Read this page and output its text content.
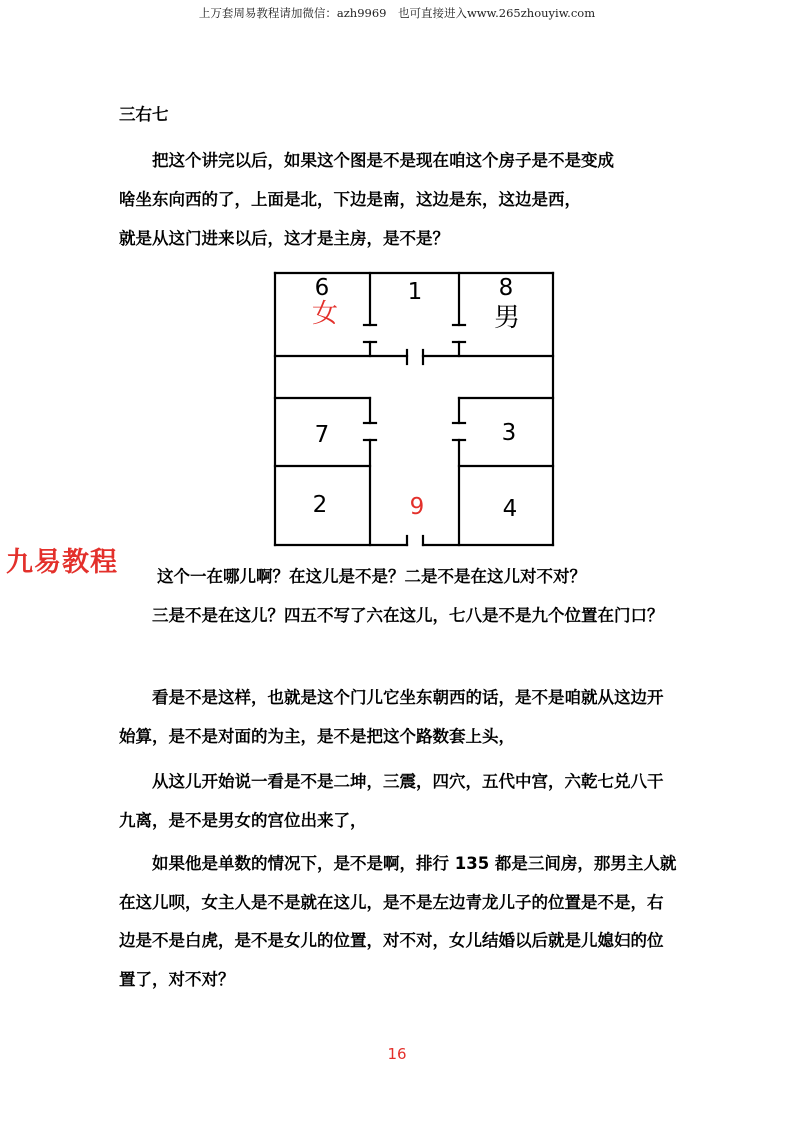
上万套周易教程请加微信：azh9969　也可直接进入www.265zhouyiw.com

三右七

把这个讲完以后，如果这个图是不是现在咱这个房子是不是变成

啥坐东向西的了，上面是北，下边是南，这边是东，这边是西，

就是从这门进来以后，这才是主房，是不是？

6
女
1	8
男
7	3
2	9	4
九易教程 这个一在哪儿啊？在这儿是不是？二是不是在这儿对不对？

三是不是在这儿？四五不写了六在这儿，七八是不是九个位置在门口？

看是不是这样，也就是这个门儿它坐东朝西的话，是不是咱就从这边开始算，是不是对面的为主，是不是把这个路数套上头，

从这儿开始说一看是不是二坤，三震，四穴，五代中宫，六乾七兑八干九离，是不是男女的宫位出来了，

如果他是单数的情况下，是不是啊，排行 135 都是三间房，那男主人就在这儿呗，女主人是不是就在这儿，是不是左边青龙儿子的位置是不是，右边是不是白虎，是不是女儿的位置，对不对，女儿结婚以后就是儿媳妇的位置了，对不对？

16
